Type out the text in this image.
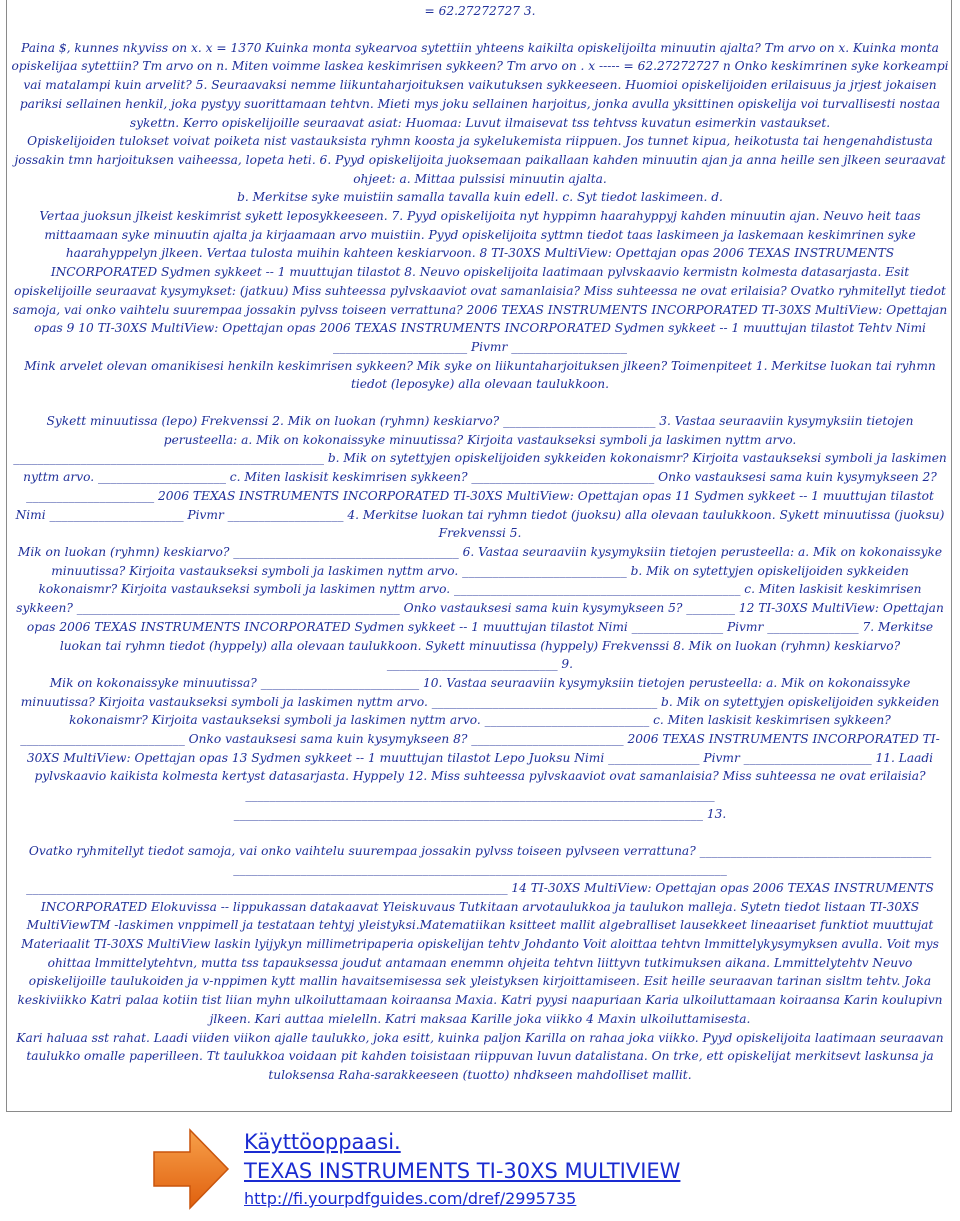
= 62.27272727 3.

Paina $, kunnes nkyviss on x. x = 1370 Kuinka monta sykearvoa sytettiin yhteens kaikilta opiskelijoilta minuutin ajalta? Tm arvo on x. Kuinka monta opiskelijaa sytettiin? Tm arvo on n. Miten voimme laskea keskimrisen sykkeen? Tm arvo on . x ----- = 62.27272727 n Onko keskimrinen syke korkeampi vai matalampi kuin arvelit? 5. Seuraavaksi nemme liikuntaharjoituksen vaikutuksen sykkeeseen. Huomioi opiskelijoiden erilaisuus ja jrjest jokaisen pariksi sellainen henkil, joka pystyy suorittamaan tehtvn. Mieti mys joku sellainen harjoitus, jonka avulla yksittinen opiskelija voi turvallisesti nostaa sykettn. Kerro opiskelijoille seuraavat asiat: Huomaa: Luvut ilmaisevat tss tehtvss kuvatun esimerkin vastaukset.

Opiskelijoiden tulokset voivat poiketa nist vastauksista ryhmn koosta ja sykelukemista riippuen. Jos tunnet kipua, heikotusta tai hengenahdistusta jossakin tmn harjoituksen vaiheessa, lopeta heti. 6. Pyyd opiskelijoita juoksemaan paikallaan kahden minuutin ajan ja anna heille sen jlkeen seuraavat ohjeet: a. Mittaa pulssisi minuutin ajalta.

b. Merkitse syke muistiin samalla tavalla kuin edell. c. Syt tiedot laskimeen. d.

Vertaa juoksun jlkeist keskimrist sykett leposykkeeseen. 7. Pyyd opiskelijoita nyt hyppimn haarahyppyj kahden minuutin ajan. Neuvo heit taas mittaamaan syke minuutin ajalta ja kirjaamaan arvo muistiin. Pyyd opiskelijoita syttmn tiedot taas laskimeen ja laskemaan keskimrinen syke haarahyppelyn jlkeen. Vertaa tulosta muihin kahteen keskiarvoon. 8 TI-30XS MultiView: Opettajan opas 2006 TEXAS INSTRUMENTS INCORPORATED Sydmen sykkeet -- 1 muuttujan tilastot 8. Neuvo opiskelijoita laatimaan pylvskaavio kermistn kolmesta datasarjasta. Esit opiskelijoille seuraavat kysymykset: (jatkuu) Miss suhteessa pylvskaaviot ovat samanlaisia? Miss suhteessa ne ovat erilaisia? Ovatko ryhmitellyt tiedot samoja, vai onko vaihtelu suurempaa jossakin pylvss toiseen verrattuna? 2006 TEXAS INSTRUMENTS INCORPORATED TI-30XS MultiView: Opettajan opas 9 10 TI-30XS MultiView: Opettajan opas 2006 TEXAS INSTRUMENTS INCORPORATED Sydmen sykkeet -- 1 muuttujan tilastot Tehtv Nimi ______________________ Pivmr ___________________

Mink arvelet olevan omanikisesi henkiln keskimrisen sykkeen? Mik syke on liikuntaharjoituksen jlkeen? Toimenpiteet 1. Merkitse luokan tai ryhmn tiedot (leposyke) alla olevaan taulukkoon.

Sykett minuutissa (lepo) Frekvenssi 2. Mik on luokan (ryhmn) keskiarvo? _________________________ 3. Vastaa seuraaviin kysymyksiin tietojen perusteella: a. Mik on kokonaissyke minuutissa? Kirjoita vastaukseksi symboli ja laskimen nyttm arvo. ___________________________________________________ b. Mik on sytettyjen opiskelijoiden sykkeiden kokonaismr? Kirjoita vastaukseksi symboli ja laskimen nyttm arvo. _____________________ c. Miten laskisit keskimrisen sykkeen? ______________________________ Onko vastauksesi sama kuin kysymykseen 2? _____________________ 2006 TEXAS INSTRUMENTS INCORPORATED TI-30XS MultiView: Opettajan opas 11 Sydmen sykkeet -- 1 muuttujan tilastot Nimi ______________________ Pivmr ___________________ 4. Merkitse luokan tai ryhmn tiedot (juoksu) alla olevaan taulukkoon. Sykett minuutissa (juoksu) Frekvenssi 5.

Mik on luokan (ryhmn) keskiarvo? _____________________________________ 6. Vastaa seuraaviin kysymyksiin tietojen perusteella: a. Mik on kokonaissyke minuutissa? Kirjoita vastaukseksi symboli ja laskimen nyttm arvo. ___________________________ b. Mik on sytettyjen opiskelijoiden sykkeiden kokonaismr? Kirjoita vastaukseksi symboli ja laskimen nyttm arvo. _______________________________________________ c. Miten laskisit keskimrisen sykkeen? _____________________________________________________ Onko vastauksesi sama kuin kysymykseen 5? ________ 12 TI-30XS MultiView: Opettajan opas 2006 TEXAS INSTRUMENTS INCORPORATED Sydmen sykkeet -- 1 muuttujan tilastot Nimi _______________ Pivmr _______________ 7. Merkitse luokan tai ryhmn tiedot (hyppely) alla olevaan taulukkoon. Sykett minuutissa (hyppely) Frekvenssi 8. Mik on luokan (ryhmn) keskiarvo? ____________________________ 9.

Mik on kokonaissyke minuutissa? __________________________ 10. Vastaa seuraaviin kysymyksiin tietojen perusteella: a. Mik on kokonaissyke minuutissa? Kirjoita vastaukseksi symboli ja laskimen nyttm arvo. _____________________________________ b. Mik on sytettyjen opiskelijoiden sykkeiden kokonaismr? Kirjoita vastaukseksi symboli ja laskimen nyttm arvo. ___________________________ c. Miten laskisit keskimrisen sykkeen? ___________________________ Onko vastauksesi sama kuin kysymykseen 8? _________________________ 2006 TEXAS INSTRUMENTS INCORPORATED TI-30XS MultiView: Opettajan opas 13 Sydmen sykkeet -- 1 muuttujan tilastot Lepo Juoksu Nimi _______________ Pivmr _____________________ 11. Laadi pylvskaavio kaikista kolmesta kertyst datasarjasta. Hyppely 12. Miss suhteessa pylvskaaviot ovat samanlaisia? Miss suhteessa ne ovat erilaisia?

_____________________________________________________________________________

_____________________________________________________________________________ 13.

Ovatko ryhmitellyt tiedot samoja, vai onko vaihtelu suurempaa jossakin pylvss toiseen pylvseen verrattuna? ______________________________________

_________________________________________________________________________________

_______________________________________________________________________________ 14 TI-30XS MultiView: Opettajan opas 2006 TEXAS INSTRUMENTS INCORPORATED Elokuvissa -- lippukassan datakaavat Yleiskuvaus Tutkitaan arvotaulukkoa ja taulukon malleja. Sytetn tiedot listaan TI-30XS MultiViewTM -laskimen vnppimell ja testataan tehtyj yleistyksi.Matematiikan ksitteet mallit algebralliset lausekkeet lineaariset funktiot muuttujat Materiaalit TI-30XS MultiView laskin lyijykyn millimetripaperia opiskelijan tehtv Johdanto Voit aloittaa tehtvn lmmittelykysymyksen avulla. Voit mys ohittaa lmmittelytehtvn, mutta tss tapauksessa joudut antamaan enemmn ohjeita tehtvn liittyvn tutkimuksen aikana. Lmmittelytehtv Neuvo opiskelijoille taulukoiden ja v-nppimen kytt mallin havaitsemisessa sek yleistyksen kirjoittamiseen. Esit heille seuraavan tarinan sisltm tehtv. Joka keskiviikko Katri palaa kotiin tist liian myhn ulkoiluttamaan koiraansa Maxia. Katri pyysi naapuriaan Karia ulkoiluttamaan koiraansa Karin koulupivn jlkeen. Kari auttaa mielelln. Katri maksaa Karille joka viikko 4 Maxin ulkoiluttamisesta.

Kari haluaa sst rahat. Laadi viiden viikon ajalle taulukko, joka esitt, kuinka paljon Karilla on rahaa joka viikko. Pyyd opiskelijoita laatimaan seuraavan taulukko omalle paperilleen. Tt taulukkoa voidaan pit kahden toisistaan riippuvan luvun datalistana. On trke, ett opiskelijat merkitsevt laskunsa ja tuloksensa Raha-sarakkeeseen (tuotto) nhdkseen mahdolliset mallit.

Käyttöoppaasi.
TEXAS INSTRUMENTS TI-30XS MULTIVIEW
http://fi.yourpdfguides.com/dref/2995735
